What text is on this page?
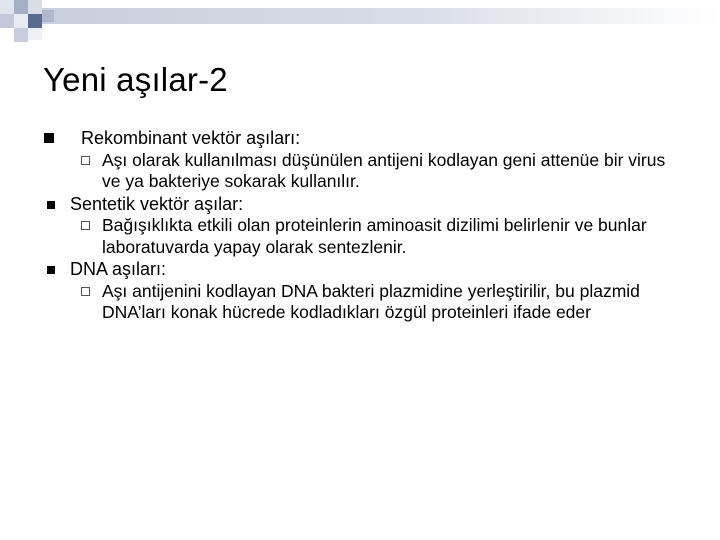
Yeni aşılar-2
Rekombinant vektör aşıları:
Aşı olarak kullanılması düşünülen antijeni kodlayan geni attenüe bir virus ve ya bakteriye sokarak kullanılır.
Sentetik vektör aşılar:
Bağışıklıkta etkili olan proteinlerin aminoasit dizilimi belirlenir ve bunlar laboratuvarda yapay olarak sentezlenir.
DNA aşıları:
Aşı antijenini kodlayan DNA bakteri plazmidine yerleştirilir, bu plazmid DNA’ları konak hücrede kodladıkları özgül proteinleri ifade eder
